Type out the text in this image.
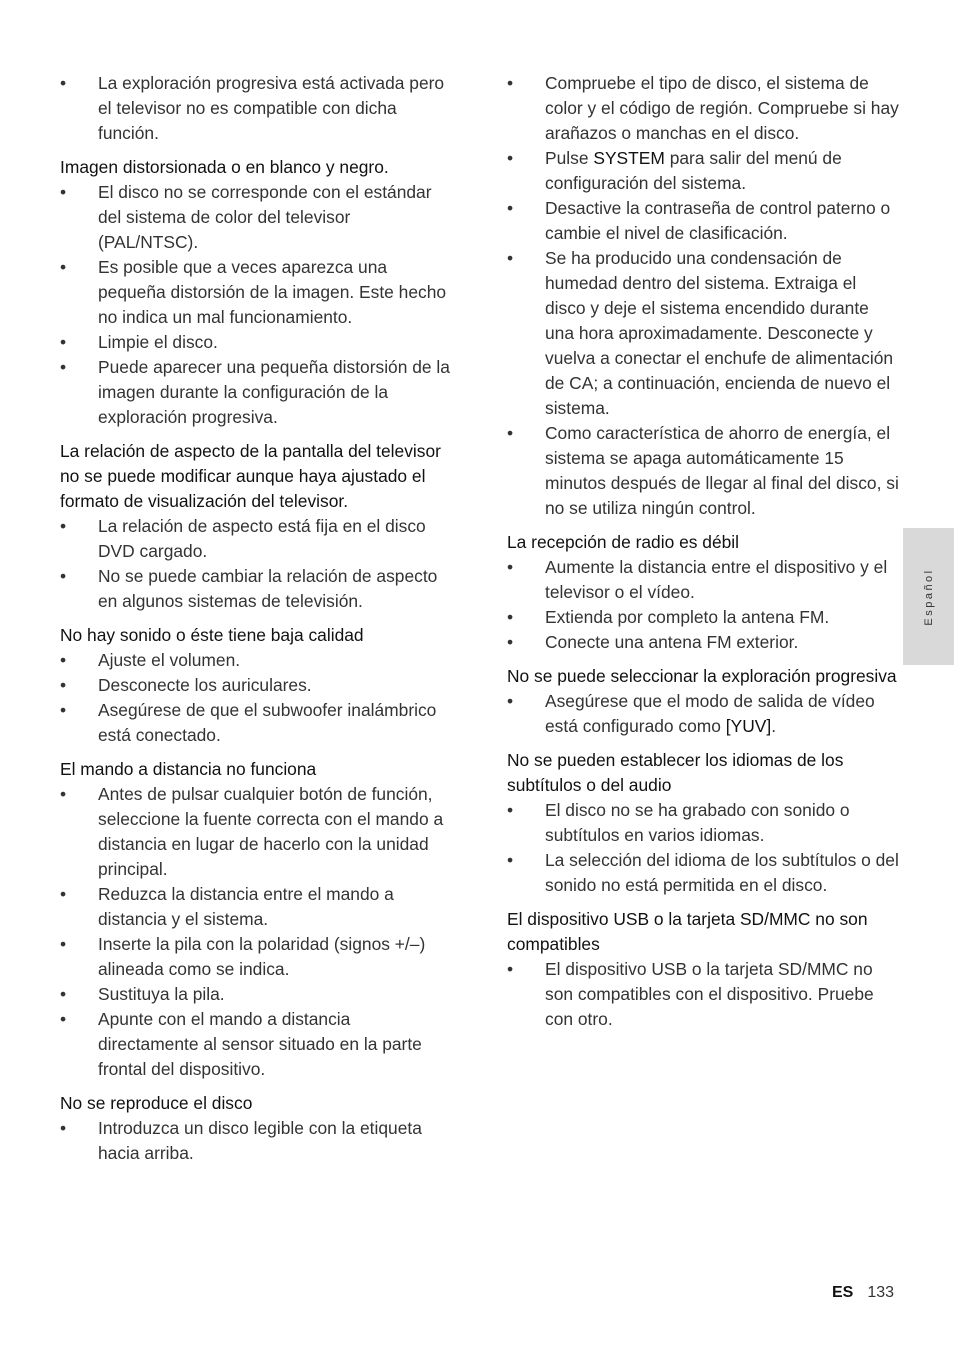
• La exploración progresiva está activada pero el televisor no es compatible con dicha función.

Imagen distorsionada o en blanco y negro.

• El disco no se corresponde con el estándar del sistema de color del televisor (PAL/NTSC).
• Es posible que a veces aparezca una pequeña distorsión de la imagen. Este hecho no indica un mal funcionamiento.
• Limpie el disco.
• Puede aparecer una pequeña distorsión de la imagen durante la configuración de la exploración progresiva.

La relación de aspecto de la pantalla del televisor no se puede modificar aunque haya ajustado el formato de visualización del televisor.

• La relación de aspecto está fija en el disco DVD cargado.
• No se puede cambiar la relación de aspecto en algunos sistemas de televisión.

No hay sonido o éste tiene baja calidad

• Ajuste el volumen.
• Desconecte los auriculares.
• Asegúrese de que el subwoofer inalámbrico está conectado.

El mando a distancia no funciona

• Antes de pulsar cualquier botón de función, seleccione la fuente correcta con el mando a distancia en lugar de hacerlo con la unidad principal.
• Reduzca la distancia entre el mando a distancia y el sistema.
• Inserte la pila con la polaridad (signos +/–) alineada como se indica.
• Sustituya la pila.
• Apunte con el mando a distancia directamente al sensor situado en la parte frontal del dispositivo.

No se reproduce el disco

• Introduzca un disco legible con la etiqueta hacia arriba.
• Compruebe el tipo de disco, el sistema de color y el código de región. Compruebe si hay arañazos o manchas en el disco.
• Pulse SYSTEM para salir del menú de configuración del sistema.
• Desactive la contraseña de control paterno o cambie el nivel de clasificación.
• Se ha producido una condensación de humedad dentro del sistema. Extraiga el disco y deje el sistema encendido durante una hora aproximadamente. Desconecte y vuelva a conectar el enchufe de alimentación de CA; a continuación, encienda de nuevo el sistema.
• Como característica de ahorro de energía, el sistema se apaga automáticamente 15 minutos después de llegar al final del disco, si no se utiliza ningún control.

La recepción de radio es débil

• Aumente la distancia entre el dispositivo y el televisor o el vídeo.
• Extienda por completo la antena FM.
• Conecte una antena FM exterior.

No se puede seleccionar la exploración progresiva

• Asegúrese que el modo de salida de vídeo está configurado como [YUV].

No se pueden establecer los idiomas de los subtítulos o del audio

• El disco no se ha grabado con sonido o subtítulos en varios idiomas.
• La selección del idioma de los subtítulos o del sonido no está permitida en el disco.

El dispositivo USB o la tarjeta SD/MMC no son compatibles

• El dispositivo USB o la tarjeta SD/MMC no son compatibles con el dispositivo. Pruebe con otro.
Español
ES 133
